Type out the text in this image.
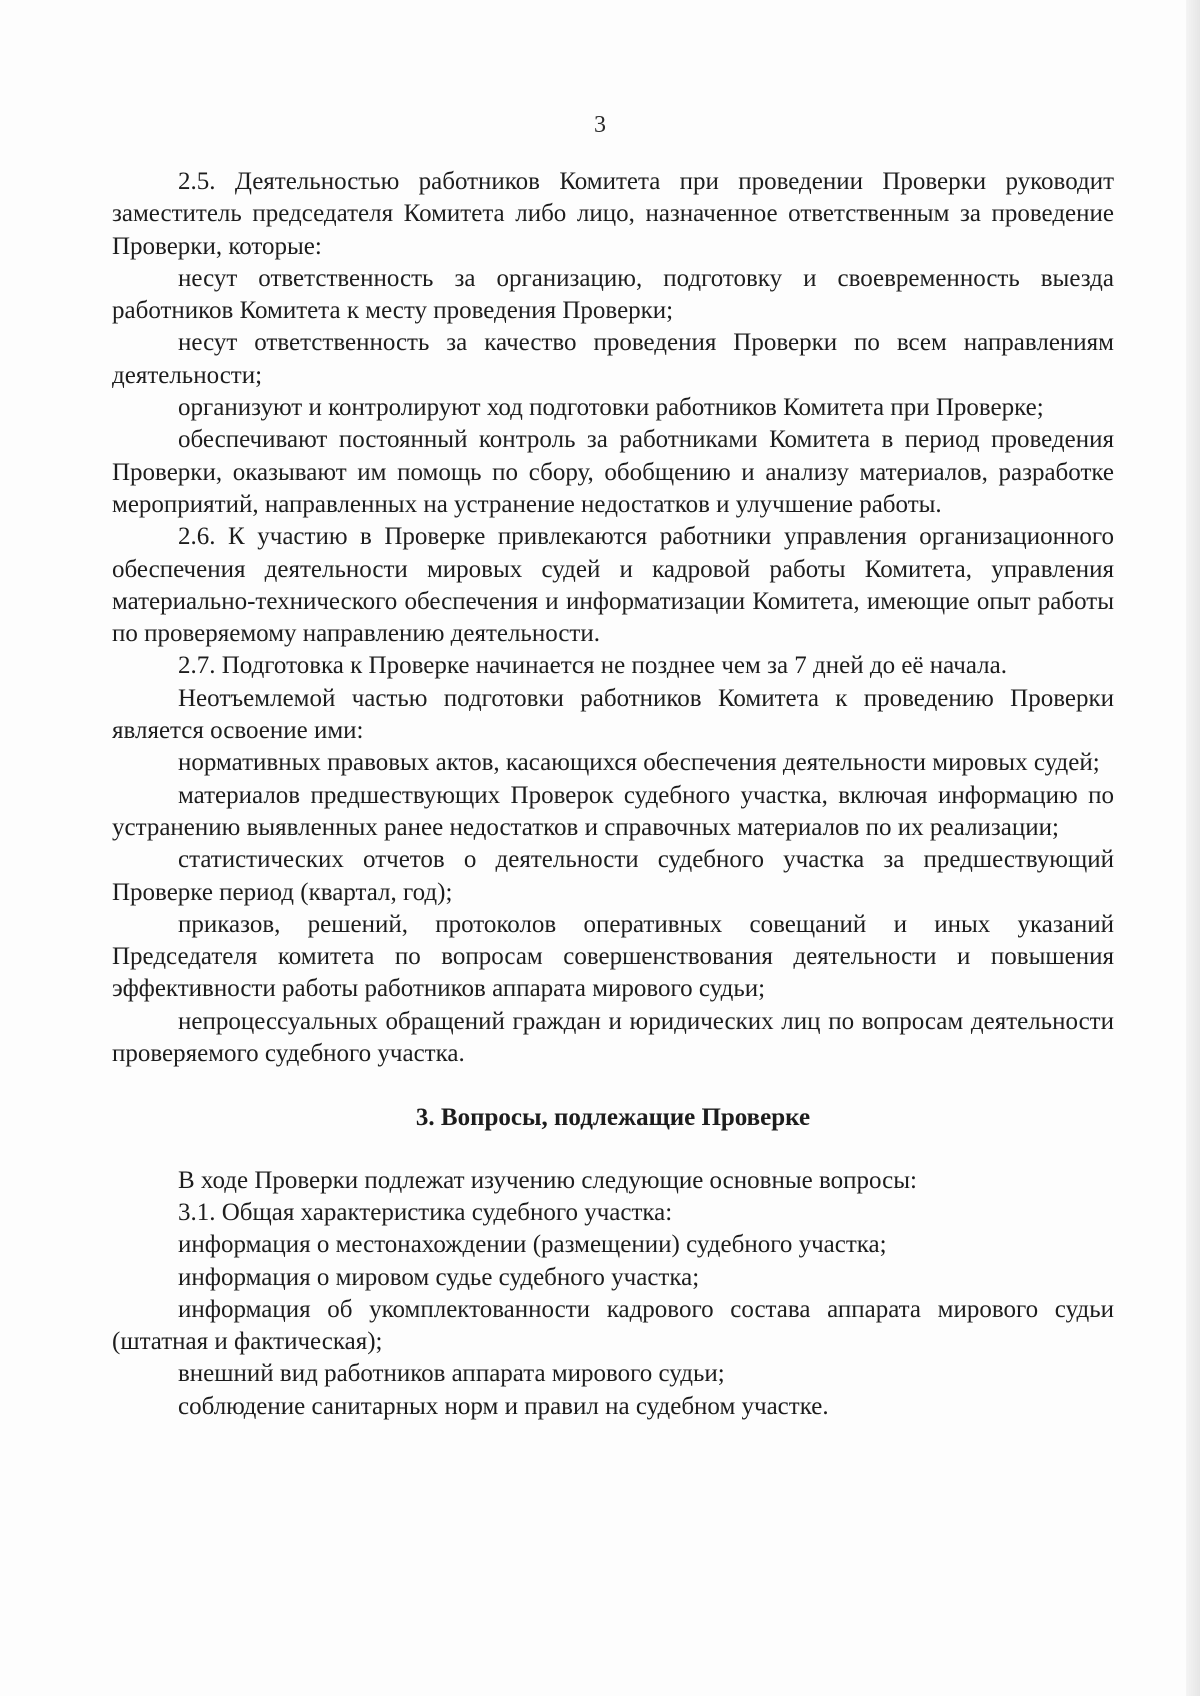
3

2.5. Деятельностью работников Комитета при проведении Проверки руководит заместитель председателя Комитета либо лицо, назначенное ответственным за проведение Проверки, которые:

несут ответственность за организацию, подготовку и своевременность выезда работников Комитета к месту проведения Проверки;

несут ответственность за качество проведения Проверки по всем направлениям деятельности;

организуют и контролируют ход подготовки работников Комитета при Проверке;

обеспечивают постоянный контроль за работниками Комитета в период проведения Проверки, оказывают им помощь по сбору, обобщению и анализу материалов, разработке мероприятий, направленных на устранение недостатков и улучшение работы.

2.6. К участию в Проверке привлекаются работники управления организационного обеспечения деятельности мировых судей и кадровой работы Комитета, управления материально-технического обеспечения и информатизации Комитета, имеющие опыт работы по проверяемому направлению деятельности.

2.7. Подготовка к Проверке начинается не позднее чем за 7 дней до её начала.

Неотъемлемой частью подготовки работников Комитета к проведению Проверки является освоение ими:

нормативных правовых актов, касающихся обеспечения деятельности мировых судей;

материалов предшествующих Проверок судебного участка, включая информацию по устранению выявленных ранее недостатков и справочных материалов по их реализации;

статистических отчетов о деятельности судебного участка за предшествующий Проверке период (квартал, год);

приказов, решений, протоколов оперативных совещаний и иных указаний Председателя комитета по вопросам совершенствования деятельности и повышения эффективности работы работников аппарата мирового судьи;

непроцессуальных обращений граждан и юридических лиц по вопросам деятельности проверяемого судебного участка.

3. Вопросы, подлежащие Проверке

В ходе Проверки подлежат изучению следующие основные вопросы:

3.1. Общая характеристика судебного участка:

информация о местонахождении (размещении) судебного участка;

информация о мировом судье судебного участка;

информация об укомплектованности кадрового состава аппарата мирового судьи (штатная и фактическая);

внешний вид работников аппарата мирового судьи;

соблюдение санитарных норм и правил на судебном участке.
